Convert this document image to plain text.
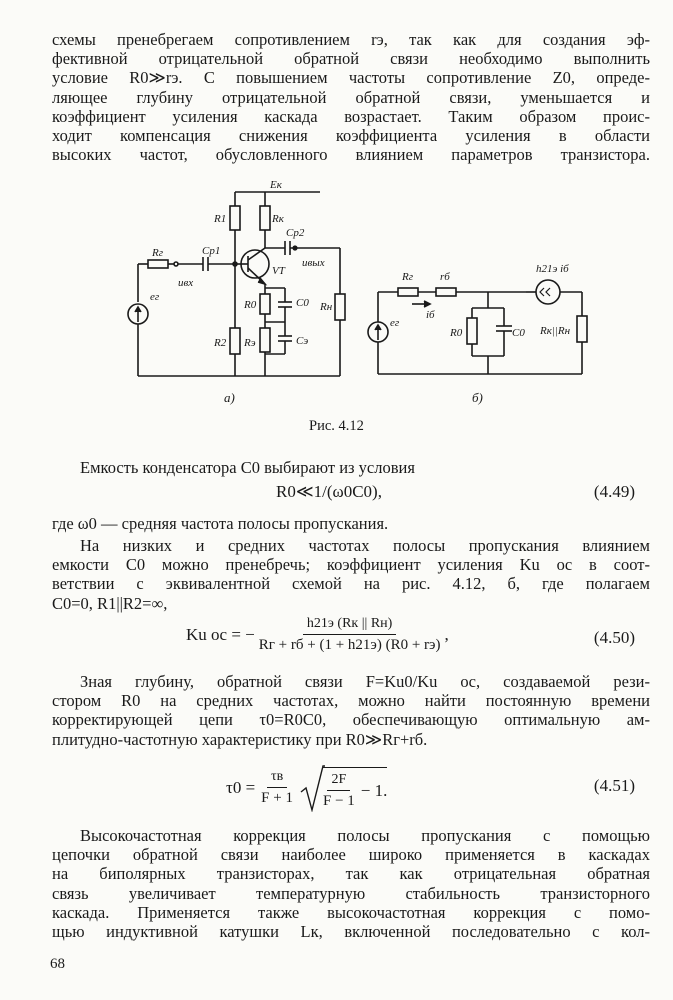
схемы пренебрегаем сопротивлением rэ, так как для создания эф-
фективной отрицательной обратной связи необходимо выполнить
условие R0≫rэ. С повышением частоты сопротивление Z0, опреде-
ляющее глубину отрицательной обратной связи, уменьшается и
коэффициент усиления каскада возрастает. Таким образом проис-
ходит компенсация снижения коэффициента усиления в области
высоких частот, обусловленного влиянием параметров транзистора.
Eк
R1	Rк
Rг	Cр1
Cр2
VT
uвых
uвх
eг
R0	C0 Rн
R2 Rэ	Cэ
а)
Rг rб
h21э iб
iб
eг
R0	C0 Rк||Rн
б)
Рис. 4.12
Емкость конденсатора C0 выбирают из условия
R0≪1/(ω0C0),	(4.49)
где ω0 — средняя частота полосы пропускания.
На низких и средних частотах полосы пропускания влиянием
емкости C0 можно пренебречь; коэффициент усиления Ku oc в соот-
ветствии с эквивалентной схемой на рис. 4.12, б, где полагаем
C0=0, R1||R2=∞,
Ku oc = − $\frac{h21э (Rк || Rн)}{Rг + rб + (1 + h21э) (R0 + rэ)}$ ,	(4.50)
Зная глубину, обратной связи F=Ku0/Ku oc, создаваемой рези-
стором R0 на средних частотах, можно найти постоянную времени
корректирующей цепи τ0=R0C0, обеспечивающую оптимальную ам-
плитудно-частотную характеристику при R0≫Rг+rб.
$\tau 0 = \frac{\tau в}{F + 1} \frac{2F}{F - 1} - 1$.	(4.51)
Высокочастотная коррекция полосы пропускания с помощью
цепочки обратной связи наиболее широко применяется в каскадах
на биполярных транзисторах, так как отрицательная обратная
связь увеличивает температурную стабильность транзисторного
каскада. Применяется также высокочастотная коррекция с помо-
щью индуктивной катушки Lк, включенной последовательно с кол-
68
